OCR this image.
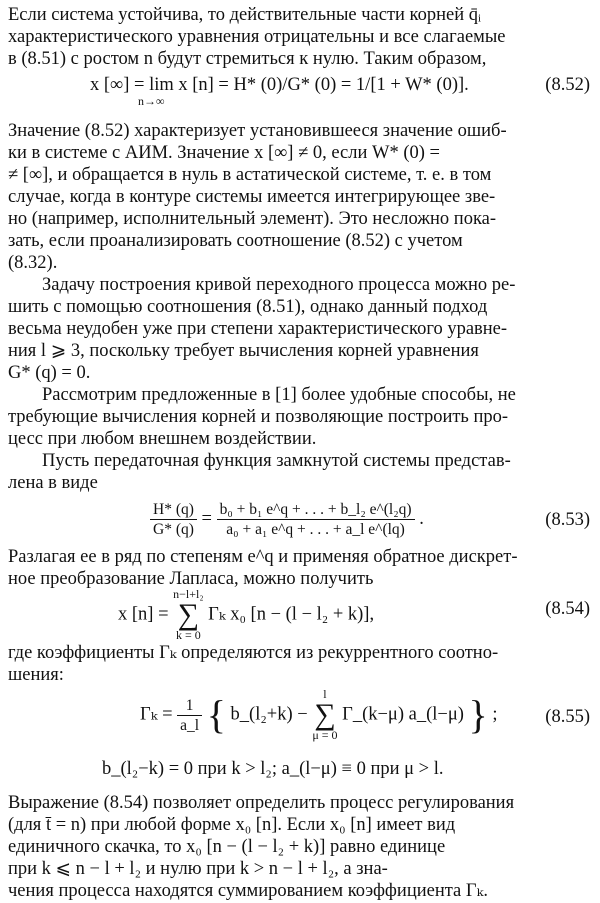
Если система устойчива, то действительные части корней q̄ᵢ
характеристического уравнения отрицательны и все слагаемые
в (8.51) с ростом n будут стремиться к нулю. Таким образом,
x [∞] = lim x [n] = H* (0)/G* (0) = 1/[1 + W* (0)].
n→∞
(8.52)
Значение (8.52) характеризует установившееся значение ошиб-
ки в системе с АИМ. Значение x [∞] ≠ 0, если W* (0) =
≠ [∞], и обращается в нуль в астатической системе, т. е. в том
случае, когда в контуре системы имеется интегрирующее зве-
но (например, исполнительный элемент). Это несложно пока-
зать, если проанализировать соотношение (8.52) с учетом
(8.32).
Задачу построения кривой переходного процесса можно ре-
шить с помощью соотношения (8.51), однако данный подход
весьма неудобен уже при степени характеристического уравне-
ния l ⩾ 3, поскольку требует вычисления корней уравнения
G* (q) = 0.
Рассмотрим предложенные в [1] более удобные способы, не
требующие вычисления корней и позволяющие построить про-
цесс при любом внешнем воздействии.
Пусть передаточная функция замкнутой системы представ-
лена в виде
$\frac{H* (q)}{G* (q)} = \frac{\text{b₀ + b₁ e\textasciicircum{}q + . . . + b\_l₂ e\textasciicircum{}(l₂q)}}{\text{a₀ + a₁ e\textasciicircum{}q + . . . + a\_l e\textasciicircum{}(lq)}}$ .	(8.53)
Разлагая ее в ряд по степеням e^q и применяя обратное дискрет-
ное преобразование Лапласа, можно получить
x [n] =
n−l+l₂
∑
k = 0
Γₖ x₀ [n − (l − l₂ + k)],	(8.54)
где коэффициенты Γₖ определяются из рекуррентного соотно-
шения:
$\Gamma_k = \frac{1}{a\_l}$ { b_(l₂+k) −
l
∑
μ = 0
Γ_(k−μ) a_(l−μ) } ;	(8.55)
b_(l₂−k) = 0 при k > l₂; a_(l−μ) ≡ 0 при μ > l.
Выражение (8.54) позволяет определить процесс регулирования
(для t̄ = n) при любой форме x₀ [n]. Если x₀ [n] имеет вид
единичного скачка, то x₀ [n − (l − l₂ + k)] равно единице
при k ⩽ n − l + l₂ и нулю при k > n − l + l₂, а зна-
чения процесса находятся суммированием коэффициента Γₖ.
